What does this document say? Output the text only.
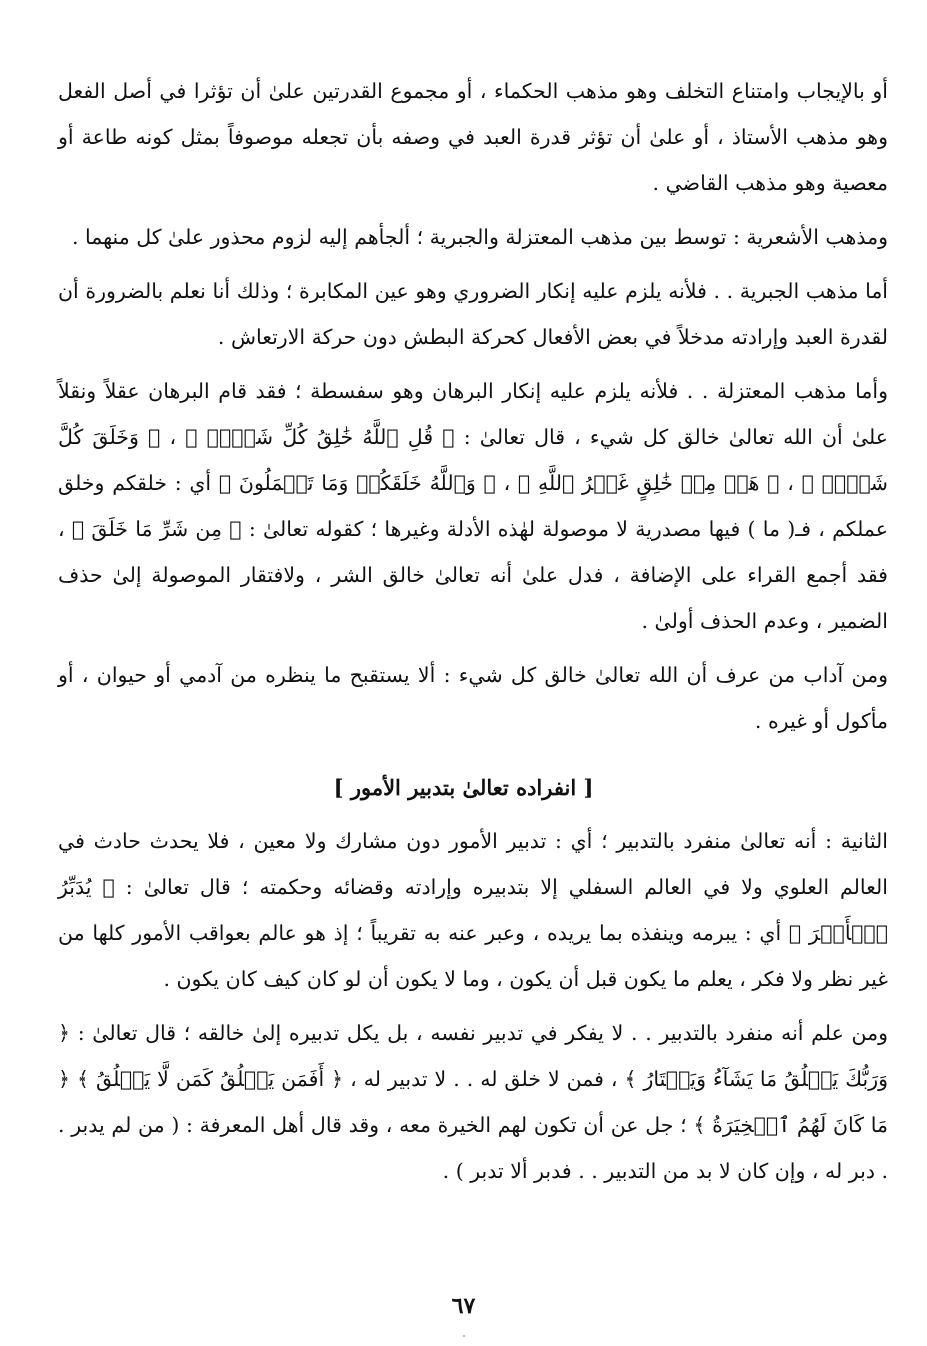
أو بالإيجاب وامتناع التخلف وهو مذهب الحكماء ، أو مجموع القدرتين علىٰ أن تؤثرا في أصل الفعل وهو مذهب الأستاذ ، أو علىٰ أن تؤثر قدرة العبد في وصفه بأن تجعله موصوفاً بمثل كونه طاعة أو معصية وهو مذهب القاضي .

ومذهب الأشعرية : توسط بين مذهب المعتزلة والجبرية ؛ ألجأهم إليه لزوم محذور علىٰ كل منهما .

أما مذهب الجبرية . . فلأنه يلزم عليه إنكار الضروري وهو عين المكابرة ؛ وذلك أنا نعلم بالضرورة أن لقدرة العبد وإرادته مدخلاً في بعض الأفعال كحركة البطش دون حركة الارتعاش .

وأما مذهب المعتزلة . . فلأنه يلزم عليه إنكار البرهان وهو سفسطة ؛ فقد قام البرهان عقلاً ونقلاً علىٰ أن الله تعالىٰ خالق كل شيء ، قال تعالىٰ : ﴿ قُلِ ٱللَّهُ خَٰلِقُ كُلِّ شَيۡءٖ ﴾ ، ﴿ وَخَلَقَ كُلَّ شَيۡءٖ ﴾ ، ﴿ هَلۡ مِنۡ خَٰلِقٍ غَيۡرُ ٱللَّهِ ﴾ ، ﴿ وَٱللَّهُ خَلَقَكُمۡ وَمَا تَعۡمَلُونَ ﴾ أي : خلقكم وخلق عملكم ، فـ( ما ) فيها مصدرية لا موصولة لهٰذه الأدلة وغيرها ؛ كقوله تعالىٰ : ﴿ مِن شَرِّ مَا خَلَقَ ﴾ ، فقد أجمع القراء على الإضافة ، فدل علىٰ أنه تعالىٰ خالق الشر ، ولافتقار الموصولة إلىٰ حذف الضمير ، وعدم الحذف أولىٰ .

ومن آداب من عرف أن الله تعالىٰ خالق كل شيء : ألا يستقبح ما ينظره من آدمي أو حيوان ، أو مأكول أو غيره .

[ انفراده تعالىٰ بتدبير الأمور ]

الثانية : أنه تعالىٰ منفرد بالتدبير ؛ أي : تدبير الأمور دون مشارك ولا معين ، فلا يحدث حادث في العالم العلوي ولا في العالم السفلي إلا بتدبيره وإرادته وقضائه وحكمته ؛ قال تعالىٰ : ﴿ يُدَبِّرُ ٱلۡأَمۡرَ ﴾ أي : يبرمه وينفذه بما يريده ، وعبر عنه به تقريباً ؛ إذ هو عالم بعواقب الأمور كلها من غير نظر ولا فكر ، يعلم ما يكون قبل أن يكون ، وما لا يكون أن لو كان كيف كان يكون .

ومن علم أنه منفرد بالتدبير . . لا يفكر في تدبير نفسه ، بل يكل تدبيره إلىٰ خالقه ؛ قال تعالىٰ : ﴿ وَرَبُّكَ يَخۡلُقُ مَا يَشَآءُ وَيَخۡتَارُ ﴾ ، فمن لا خلق له . . لا تدبير له ، ﴿ أَفَمَن يَخۡلُقُ كَمَن لَّا يَخۡلُقُ ﴾ ﴿ مَا كَانَ لَهُمُ ٱلۡخِيَرَةُ ﴾ ؛ جل عن أن تكون لهم الخيرة معه ، وقد قال أهل المعرفة : ( من لم يدبر . . دبر له ، وإن كان لا بد من التدبير . . فدبر ألا تدبر ) .

٦٧
